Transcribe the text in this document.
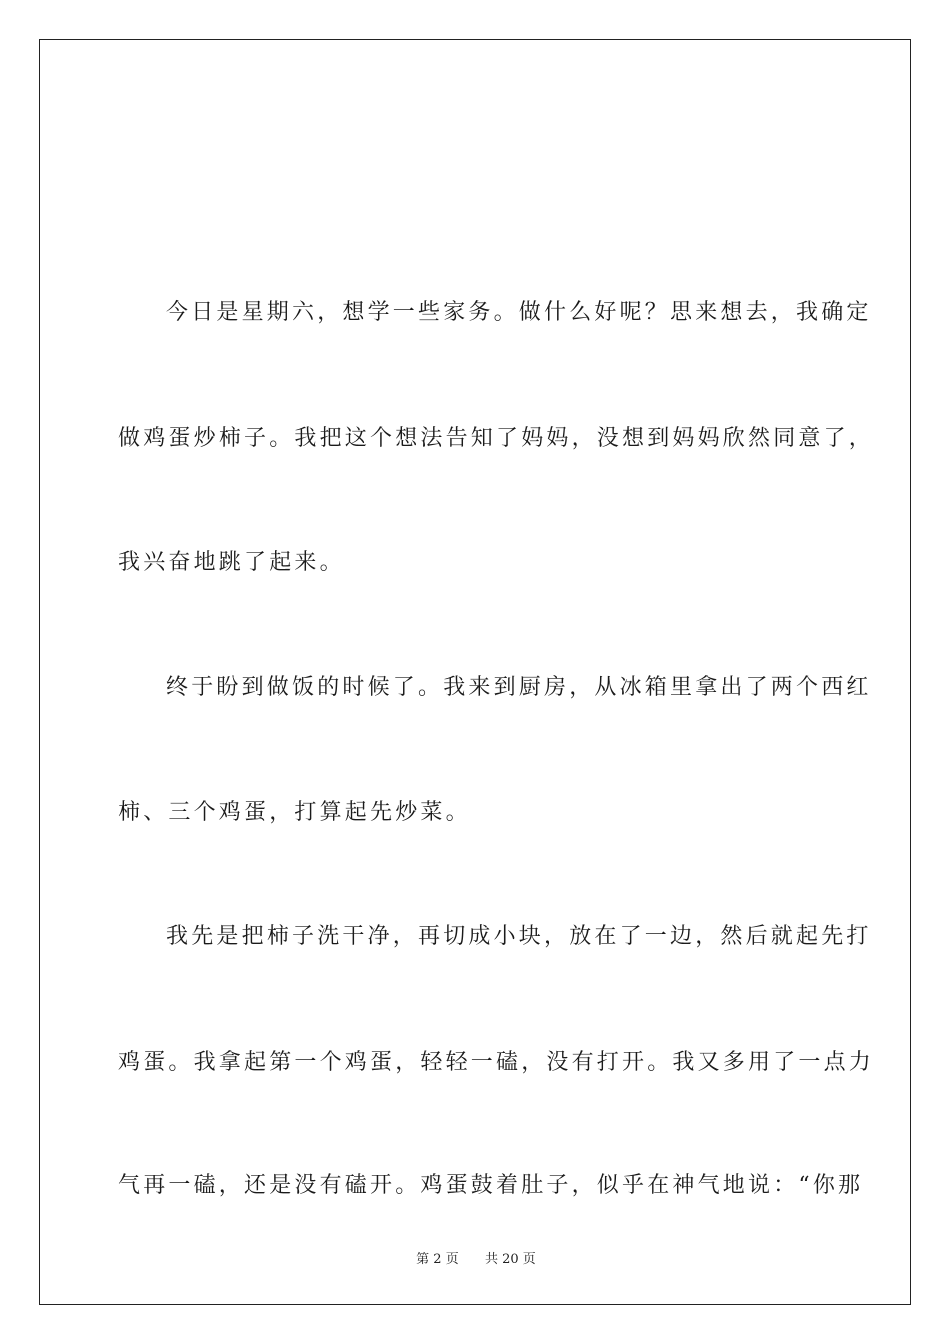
今日是星期六，想学一些家务。做什么好呢？思来想去，我确定
做鸡蛋炒柿子。我把这个想法告知了妈妈，没想到妈妈欣然同意了，
我兴奋地跳了起来。
终于盼到做饭的时候了。我来到厨房，从冰箱里拿出了两个西红
柿、三个鸡蛋，打算起先炒菜。
我先是把柿子洗干净，再切成小块，放在了一边，然后就起先打
鸡蛋。我拿起第一个鸡蛋，轻轻一磕，没有打开。我又多用了一点力
气再一磕，还是没有磕开。鸡蛋鼓着肚子，似乎在神气地说：“你那
第 2 页 共 20 页
